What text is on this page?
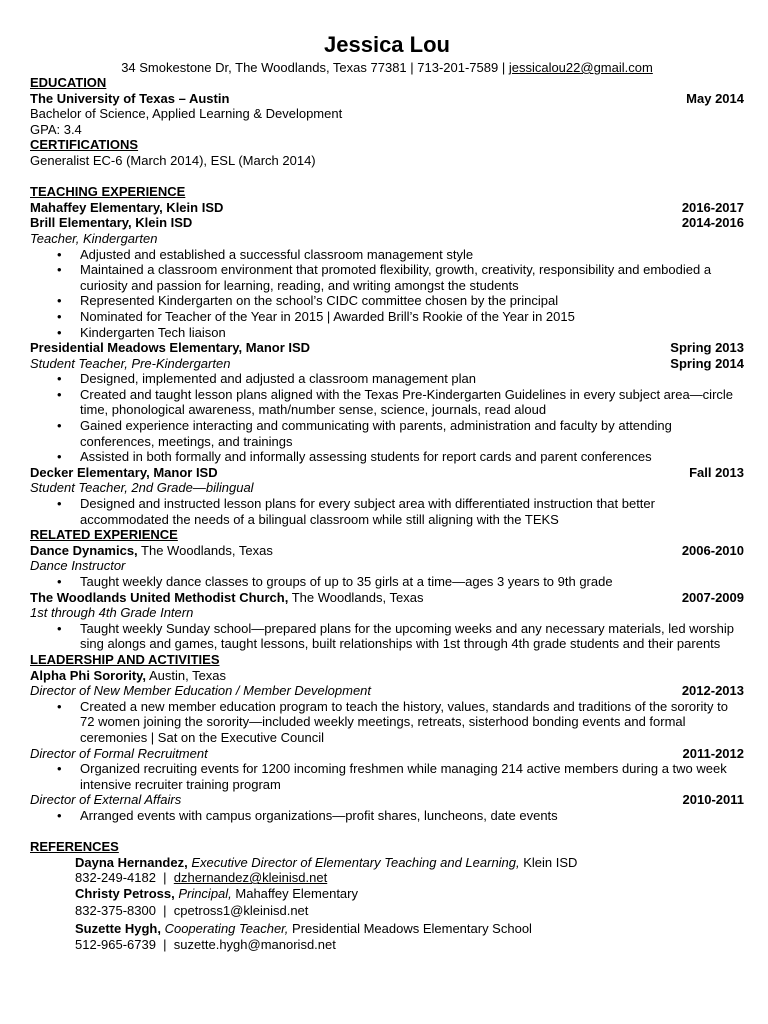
Jessica Lou
34 Smokestone Dr, The Woodlands, Texas 77381 | 713-201-7589 | jessicalou22@gmail.com
EDUCATION
The University of Texas – Austin	May 2014
Bachelor of Science, Applied Learning & Development
GPA: 3.4
CERTIFICATIONS
Generalist EC-6 (March 2014), ESL (March 2014)
TEACHING EXPERIENCE
Mahaffey Elementary, Klein ISD	2016-2017
Brill Elementary, Klein ISD	2014-2016
Teacher, Kindergarten
• Adjusted and established a successful classroom management style
• Maintained a classroom environment that promoted flexibility, growth, creativity, responsibility and embodied a curiosity and passion for learning, reading, and writing amongst the students
• Represented Kindergarten on the school’s CIDC committee chosen by the principal
• Nominated for Teacher of the Year in 2015 | Awarded Brill’s Rookie of the Year in 2015
• Kindergarten Tech liaison
Presidential Meadows Elementary, Manor ISD	Spring 2013
Student Teacher, Pre-Kindergarten	Spring 2014
• Designed, implemented and adjusted a classroom management plan
• Created and taught lesson plans aligned with the Texas Pre-Kindergarten Guidelines in every subject area—circle time, phonological awareness, math/number sense, science, journals, read aloud
• Gained experience interacting and communicating with parents, administration and faculty by attending conferences, meetings, and trainings
• Assisted in both formally and informally assessing students for report cards and parent conferences
Decker Elementary, Manor ISD	Fall 2013
Student Teacher, 2nd Grade—bilingual
• Designed and instructed lesson plans for every subject area with differentiated instruction that better accommodated the needs of a bilingual classroom while still aligning with the TEKS
RELATED EXPERIENCE
Dance Dynamics, The Woodlands, Texas	2006-2010
Dance Instructor
• Taught weekly dance classes to groups of up to 35 girls at a time—ages 3 years to 9th grade
The Woodlands United Methodist Church, The Woodlands, Texas	2007-2009
1st through 4th Grade Intern
• Taught weekly Sunday school—prepared plans for the upcoming weeks and any necessary materials, led worship sing alongs and games, taught lessons, built relationships with 1st through 4th grade students and their parents
LEADERSHIP AND ACTIVITIES
Alpha Phi Sorority, Austin, Texas
Director of New Member Education / Member Development	2012-2013
• Created a new member education program to teach the history, values, standards and traditions of the sorority to 72 women joining the sorority—included weekly meetings, retreats, sisterhood bonding events and formal ceremonies | Sat on the Executive Council
Director of Formal Recruitment	2011-2012
• Organized recruiting events for 1200 incoming freshmen while managing 214 active members during a two week intensive recruiter training program
Director of External Affairs	2010-2011
• Arranged events with campus organizations—profit shares, luncheons, date events
REFERENCES
Dayna Hernandez, Executive Director of Elementary Teaching and Learning, Klein ISD
832-249-4182  |  dzhernandez@kleinisd.net
Christy Petross, Principal, Mahaffey Elementary
832-375-8300  |  cpetross1@kleinisd.net
Suzette Hygh, Cooperating Teacher, Presidential Meadows Elementary School
512-965-6739  |  suzette.hygh@manorisd.net
